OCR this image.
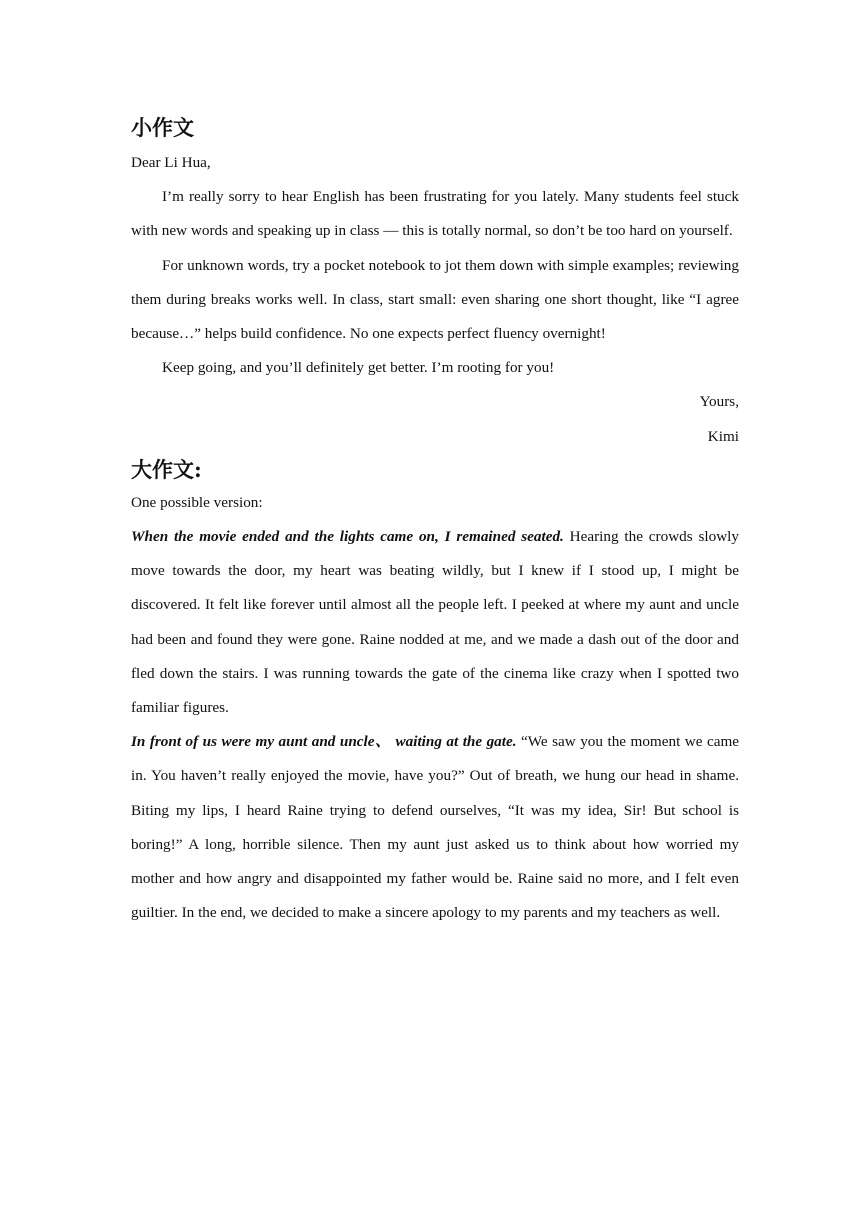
小作文

Dear Li Hua,

I’m really sorry to hear English has been frustrating for you lately. Many students feel stuck with new words and speaking up in class — this is totally normal, so don’t be too hard on yourself.

For unknown words, try a pocket notebook to jot them down with simple examples; reviewing them during breaks works well. In class, start small: even sharing one short thought, like “I agree because…” helps build confidence. No one expects perfect fluency overnight!

Keep going, and you’ll definitely get better. I’m rooting for you!

Yours,

Kimi

大作文:

One possible version:

When the movie ended and the lights came on, I remained seated. Hearing the crowds slowly move towards the door, my heart was beating wildly, but I knew if I stood up, I might be discovered. It felt like forever until almost all the people left. I peeked at where my aunt and uncle had been and found they were gone. Raine nodded at me, and we made a dash out of the door and fled down the stairs. I was running towards the gate of the cinema like crazy when I spotted two familiar figures.

In front of us were my aunt and uncle、 waiting at the gate. “We saw you the moment we came in. You haven’t really enjoyed the movie, have you?” Out of breath, we hung our head in shame. Biting my lips, I heard Raine trying to defend ourselves, “It was my idea, Sir! But school is boring!” A long, horrible silence. Then my aunt just asked us to think about how worried my mother and how angry and disappointed my father would be. Raine said no more, and I felt even guiltier. In the end, we decided to make a sincere apology to my parents and my teachers as well.
